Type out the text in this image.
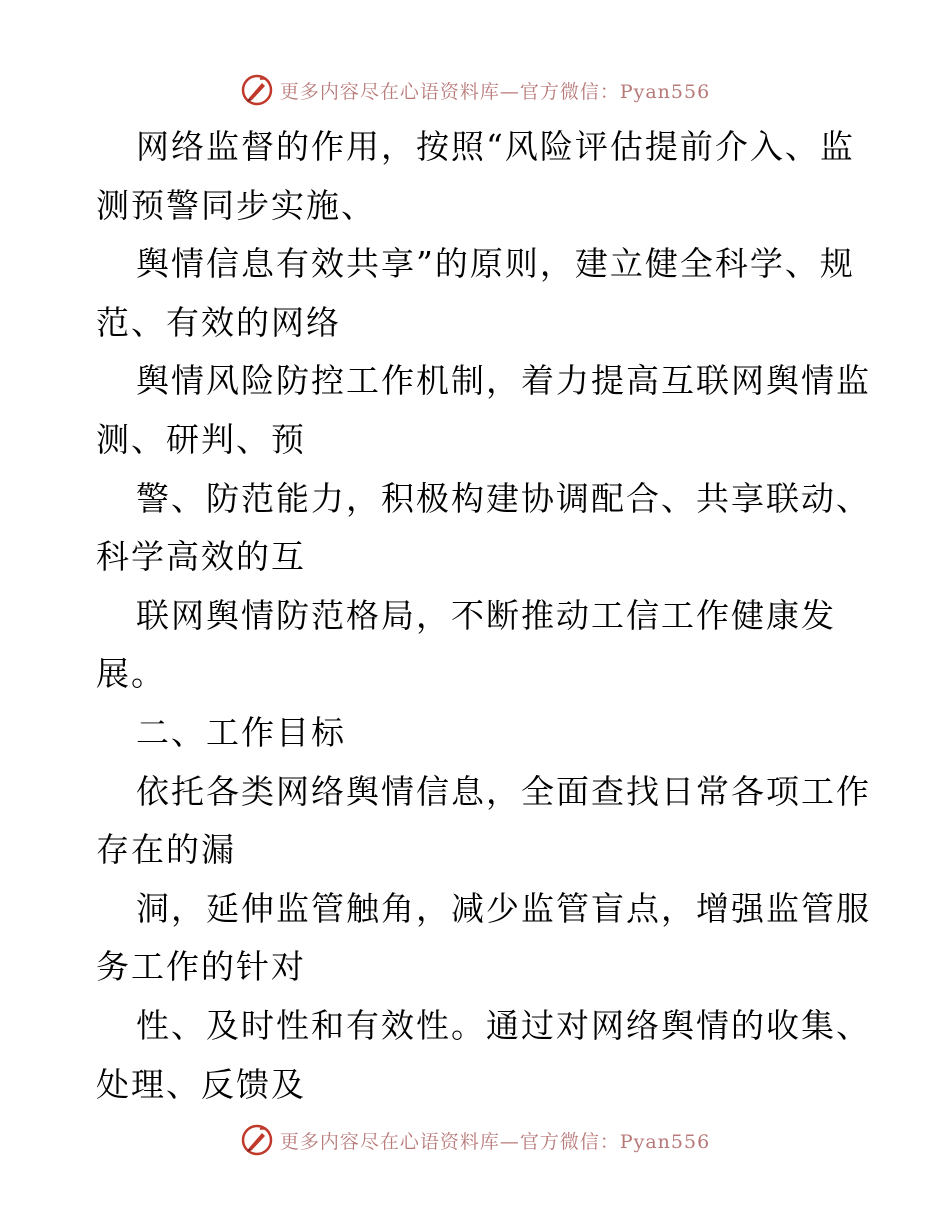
更多内容尽在心语资料库—官方微信：Pyan556
网络监督的作用，按照“风险评估提前介入、监
测预警同步实施、
舆情信息有效共享”的原则，建立健全科学、规
范、有效的网络
舆情风险防控工作机制，着力提高互联网舆情监
测、研判、预
警、防范能力，积极构建协调配合、共享联动、
科学高效的互
联网舆情防范格局，不断推动工信工作健康发
展。
二、工作目标
依托各类网络舆情信息，全面查找日常各项工作
存在的漏
洞，延伸监管触角，减少监管盲点，增强监管服
务工作的针对
性、及时性和有效性。通过对网络舆情的收集、
处理、反馈及
更多内容尽在心语资料库—官方微信：Pyan556
